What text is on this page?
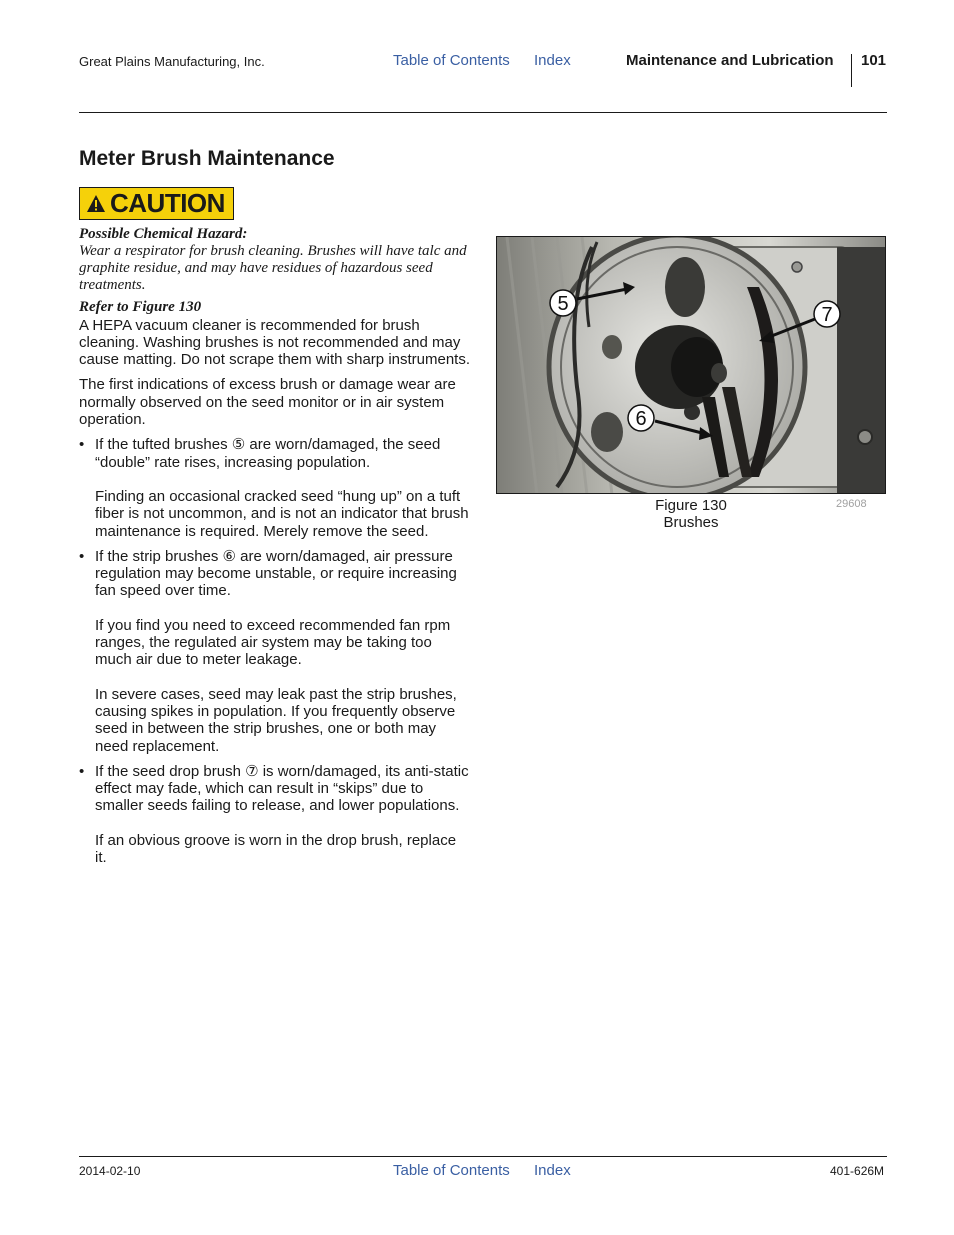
Great Plains Manufacturing, Inc.	Table of Contents Index	Maintenance and Lubrication 101
Meter Brush Maintenance
CAUTION
Possible Chemical Hazard:

Wear a respirator for brush cleaning. Brushes will have talc and graphite residue, and may have residues of hazardous seed treatments.

Refer to Figure 130

A HEPA vacuum cleaner is recommended for brush cleaning. Washing brushes is not recommended and may cause matting. Do not scrape them with sharp instruments.

The first indications of excess brush or damage wear are normally observed on the seed monitor or in air system operation.

• If the tufted brushes ⑤ are worn/damaged, the seed “double” rate rises, increasing population.

Finding an occasional cracked seed “hung up” on a tuft fiber is not uncommon, and is not an indicator that brush maintenance is required. Merely remove the seed.

• If the strip brushes ⑥ are worn/damaged, air pressure regulation may become unstable, or require increasing fan speed over time.

If you find you need to exceed recommended fan rpm ranges, the regulated air system may be taking too much air due to meter leakage.

In severe cases, seed may leak past the strip brushes, causing spikes in population. If you frequently observe seed in between the strip brushes, one or both may need replacement.

• If the seed drop brush ⑦ is worn/damaged, its anti-static effect may fade, which can result in “skips” due to smaller seeds failing to release, and lower populations.

If an obvious groove is worn in the drop brush, replace it.

5	7
6
Figure 130
Brushes
29608
2014-02-10	Table of Contents Index	401-626M
